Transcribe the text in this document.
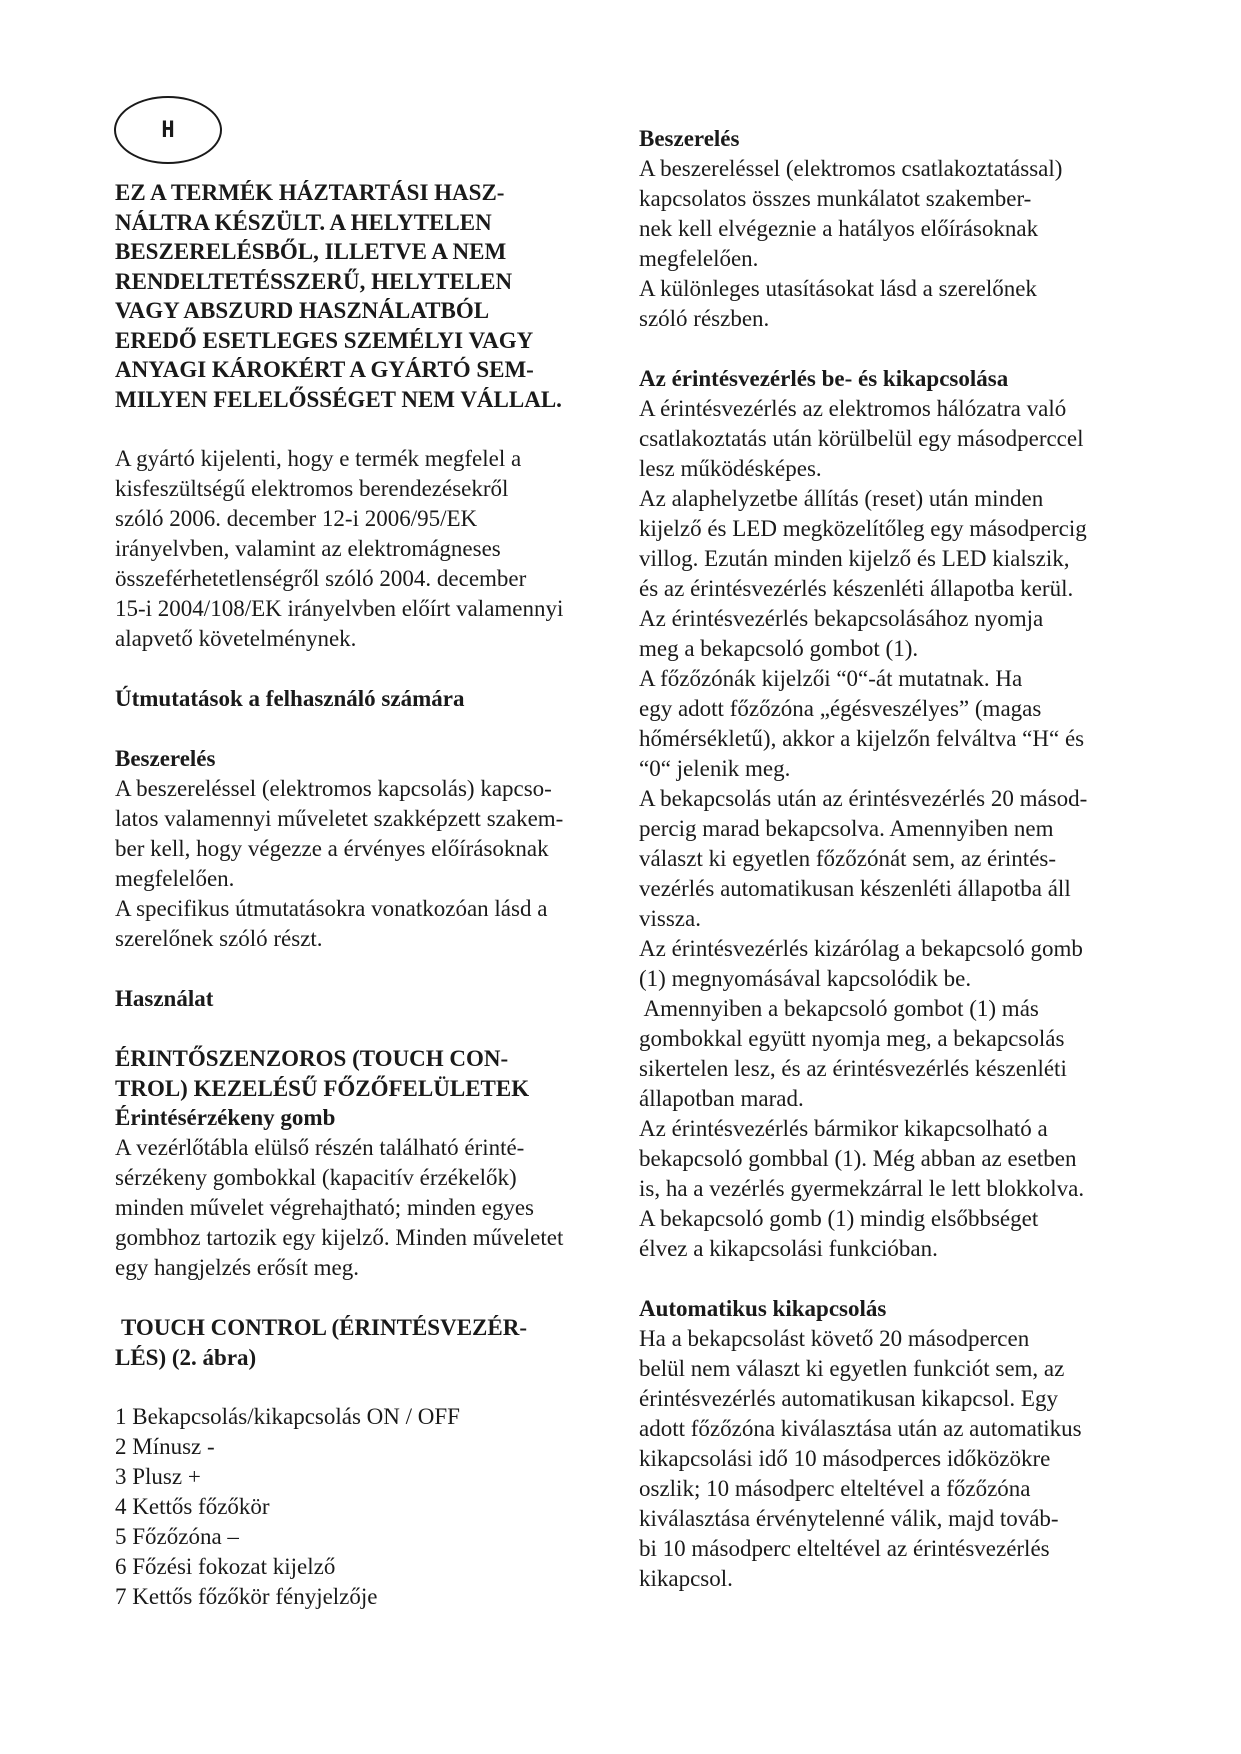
H

EZ A TERMÉK HÁZTARTÁSI HASZ-

NÁLTRA KÉSZÜLT. A HELYTELEN

BESZERELÉSBŐL, ILLETVE A NEM

RENDELTETÉSSZERŰ, HELYTELEN

VAGY ABSZURD HASZNÁLATBÓL

EREDŐ ESETLEGES SZEMÉLYI VAGY

ANYAGI KÁROKÉRT A GYÁRTÓ SEM-

MILYEN FELELŐSSÉGET NEM VÁLLAL.

A gyártó kijelenti, hogy e termék megfelel a

kisfeszültségű elektromos berendezésekről

szóló 2006. december 12-i 2006/95/EK

irányelvben, valamint az elektromágneses

összeférhetetlenségről szóló 2004. december

15-i 2004/108/EK irányelvben előírt valamennyi

alapvető követelménynek.

Útmutatások a felhasználó számára

Beszerelés

A beszereléssel (elektromos kapcsolás) kapcso-

latos valamennyi műveletet szakképzett szakem-

ber kell, hogy végezze a érvényes előírásoknak

megfelelően.

A specifikus útmutatásokra vonatkozóan lásd a

szerelőnek szóló részt.

Használat

ÉRINTŐSZENZOROS (TOUCH CON-

TROL) KEZELÉSŰ FŐZŐFELÜLETEK

Érintésérzékeny gomb

A vezérlőtábla elülső részén található érinté-

sérzékeny gombokkal (kapacitív érzékelők)

minden művelet végrehajtható; minden egyes

gombhoz tartozik egy kijelző. Minden műveletet

egy hangjelzés erősít meg.

TOUCH CONTROL (ÉRINTÉSVEZÉR-

LÉS) (2. ábra)

1 Bekapcsolás/kikapcsolás ON / OFF

2 Mínusz -

3 Plusz +

4 Kettős főzőkör

5 Főzőzóna –

6 Főzési fokozat kijelző

7 Kettős főzőkör fényjelzője

Beszerelés

A beszereléssel (elektromos csatlakoztatással)

kapcsolatos összes munkálatot szakember-

nek kell elvégeznie a hatályos előírásoknak

megfelelően.

A különleges utasításokat lásd a szerelőnek

szóló részben.

Az érintésvezérlés be- és kikapcsolása

A érintésvezérlés az elektromos hálózatra való

csatlakoztatás után körülbelül egy másodperccel

lesz működésképes.

Az alaphelyzetbe állítás (reset) után minden

kijelző és LED megközelítőleg egy másodpercig

villog. Ezután minden kijelző és LED kialszik,

és az érintésvezérlés készenléti állapotba kerül.

Az érintésvezérlés bekapcsolásához nyomja

meg a bekapcsoló gombot (1).

A főzőzónák kijelzői “0“-át mutatnak. Ha

egy adott főzőzóna „égésveszélyes” (magas

hőmérsékletű), akkor a kijelzőn felváltva “H“ és

“0“ jelenik meg.

A bekapcsolás után az érintésvezérlés 20 másod-

percig marad bekapcsolva. Amennyiben nem

választ ki egyetlen főzőzónát sem, az érintés-

vezérlés automatikusan készenléti állapotba áll

vissza.

Az érintésvezérlés kizárólag a bekapcsoló gomb

(1) megnyomásával kapcsolódik be.

Amennyiben a bekapcsoló gombot (1) más

gombokkal együtt nyomja meg, a bekapcsolás

sikertelen lesz, és az érintésvezérlés készenléti

állapotban marad.

Az érintésvezérlés bármikor kikapcsolható a

bekapcsoló gombbal (1). Még abban az esetben

is, ha a vezérlés gyermekzárral le lett blokkolva.

A bekapcsoló gomb (1) mindig elsőbbséget

élvez a kikapcsolási funkcióban.

Automatikus kikapcsolás

Ha a bekapcsolást követő 20 másodpercen

belül nem választ ki egyetlen funkciót sem, az

érintésvezérlés automatikusan kikapcsol. Egy

adott főzőzóna kiválasztása után az automatikus

kikapcsolási idő 10 másodperces időközökre

oszlik; 10 másodperc elteltével a főzőzóna

kiválasztása érvénytelenné válik, majd továb-

bi 10 másodperc elteltével az érintésvezérlés

kikapcsol.
